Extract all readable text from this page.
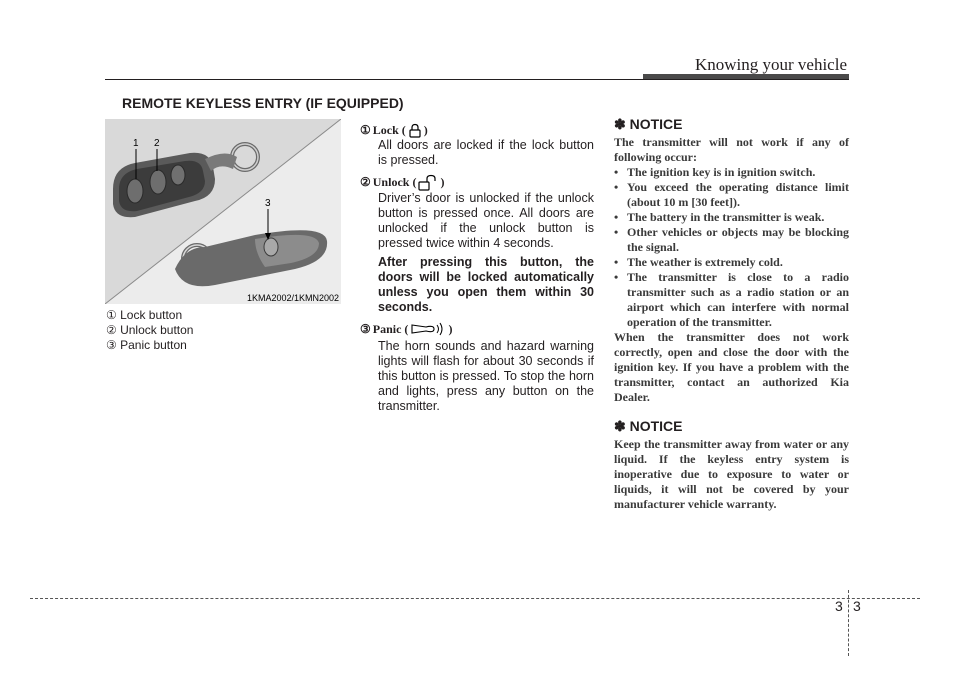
Knowing your vehicle
REMOTE KEYLESS ENTRY (IF EQUIPPED)
1 2
3
1KMA2002/1KMN2002
① Lock button
② Unlock button
③ Panic button
① Lock ( )
All doors are locked if the lock button is pressed.
② Unlock ( )
Driver’s door is unlocked if the unlock button is pressed once. All doors are unlocked if the unlock button is pressed twice within 4 seconds.
After pressing this button, the doors will be locked automatically unless you open them within 30 seconds.
③ Panic (	)
The horn sounds and hazard warning lights will flash for about 30 seconds if this button is pressed. To stop the horn and lights, press any button on the transmitter.
✽ NOTICE
The transmitter will not work if any of following occur:
• The ignition key is in ignition switch.
• You exceed the operating distance limit (about 10 m [30 feet]).
• The battery in the transmitter is weak.
• Other vehicles or objects may be blocking the signal.
• The weather is extremely cold.
• The transmitter is close to a radio transmitter such as a radio station or an airport which can interfere with normal operation of the transmitter.
When the transmitter does not work correctly, open and close the door with the ignition key. If you have a problem with the transmitter, contact an authorized Kia Dealer.
✽ NOTICE
Keep the transmitter away from water or any liquid. If the keyless entry system is inoperative due to exposure to water or liquids, it will not be covered by your manufacturer vehicle warranty.
3 3
